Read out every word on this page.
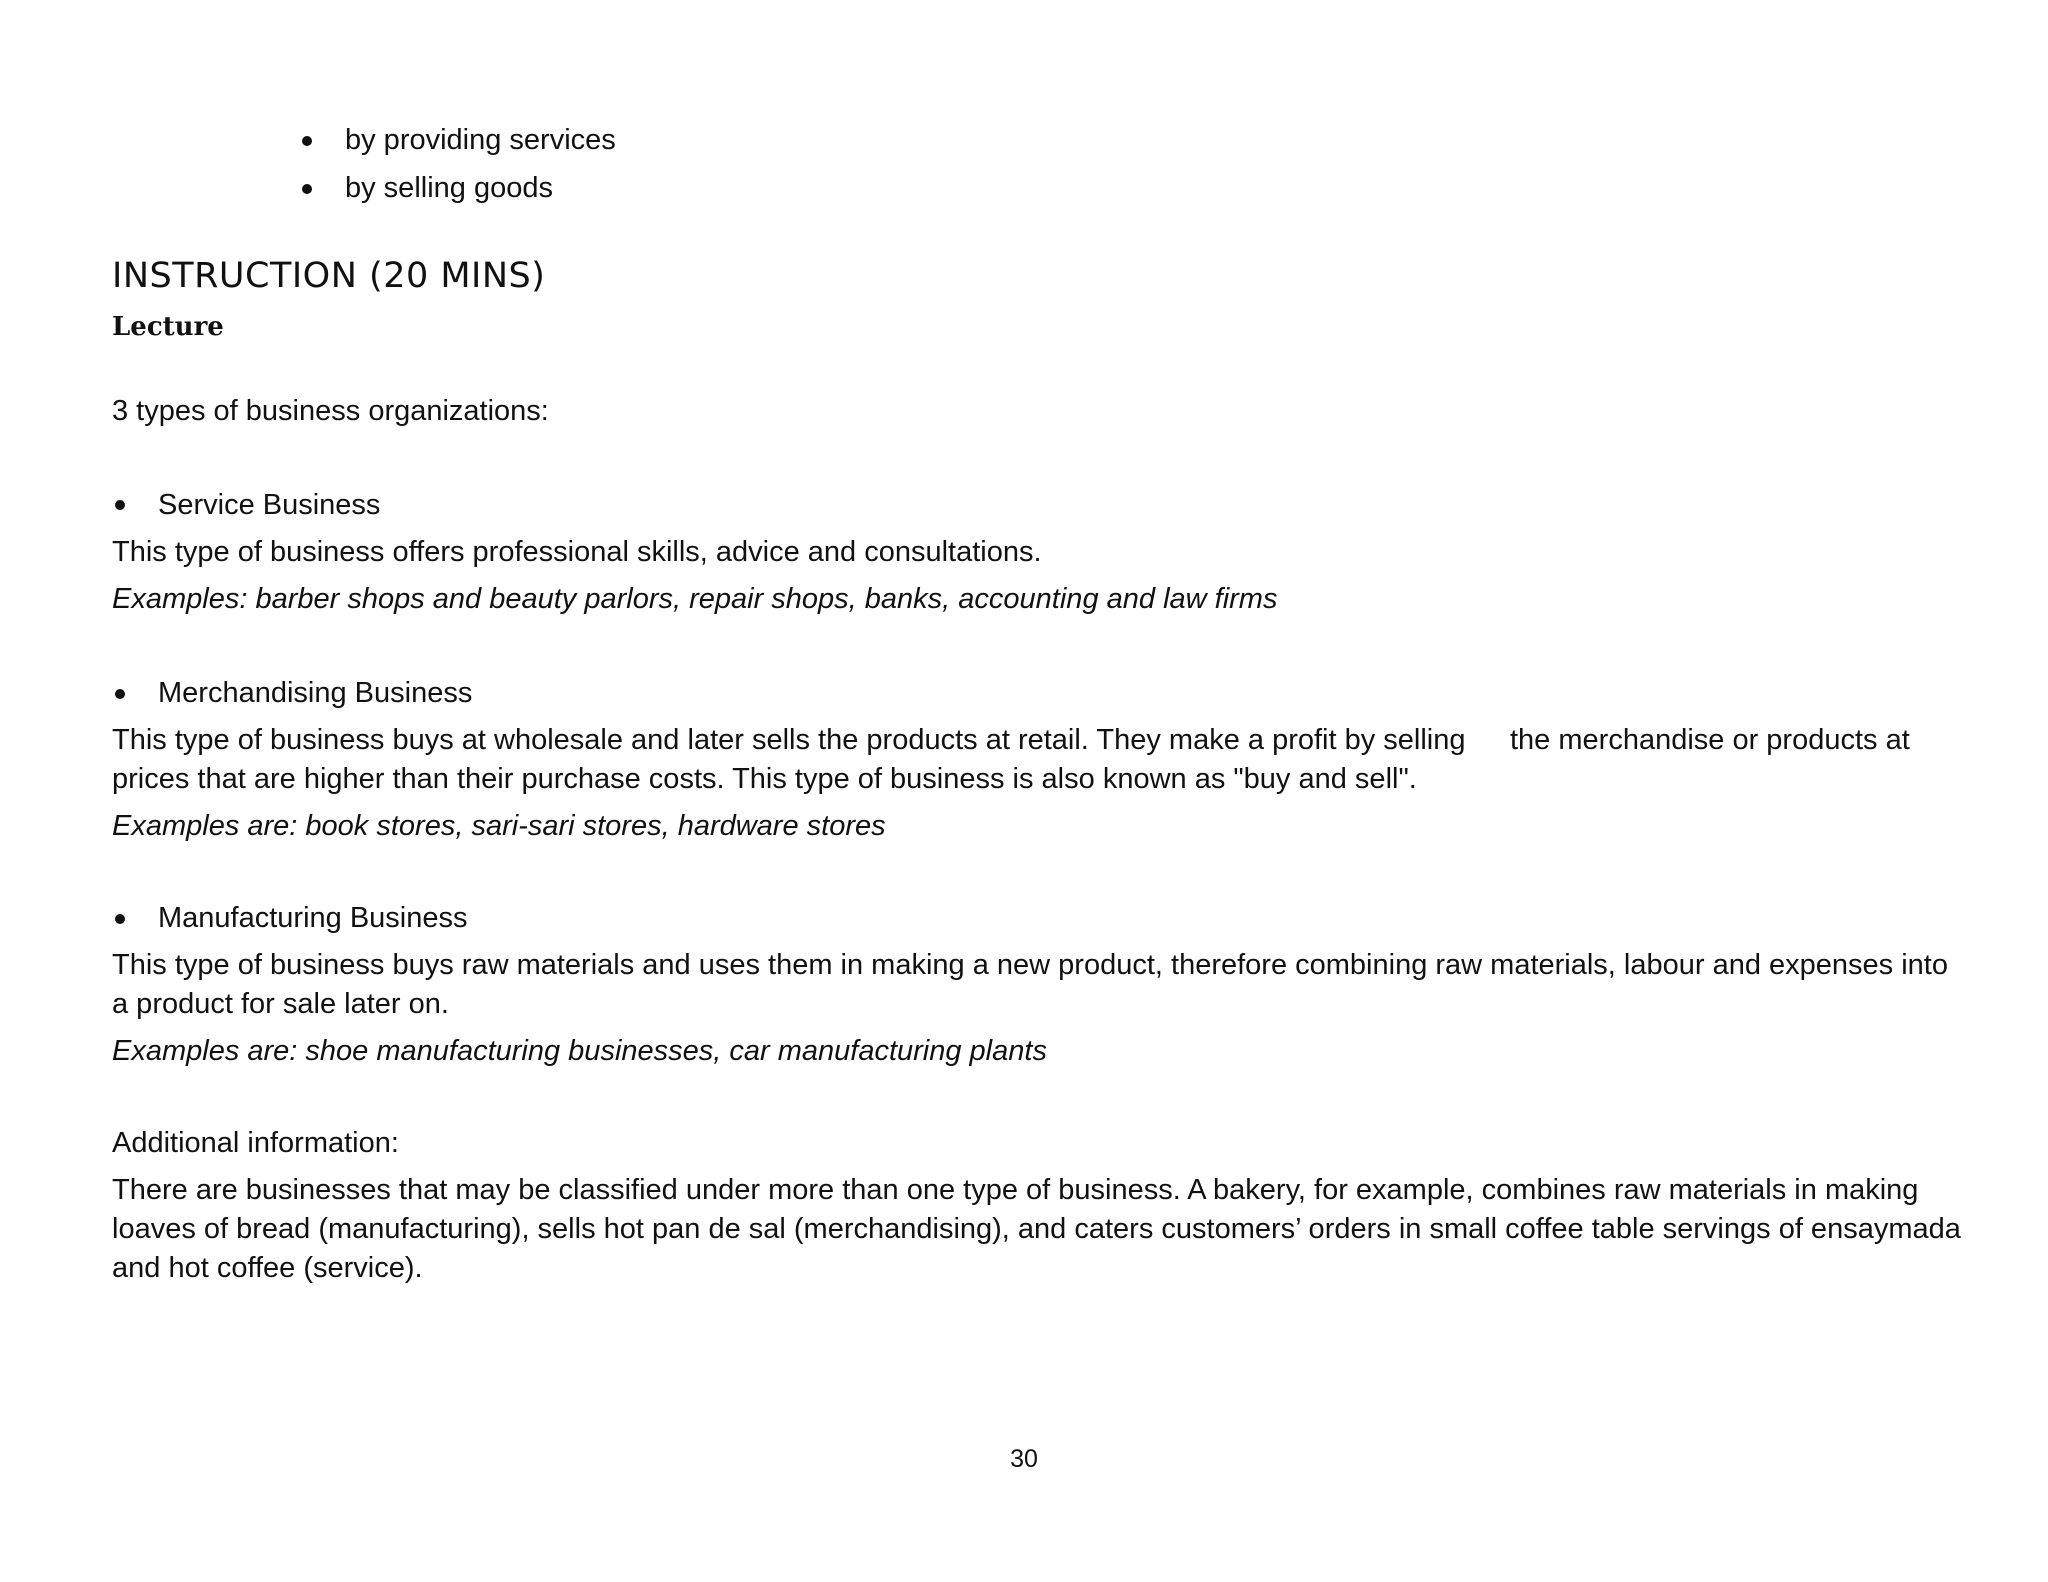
by providing services
by selling goods
INSTRUCTION (20 MINS)
Lecture
3 types of business organizations:
Service Business
This type of business offers professional skills, advice and consultations.
Examples: barber shops and beauty parlors, repair shops, banks, accounting and law firms
Merchandising Business
This type of business buys at wholesale and later sells the products at retail. They make a profit by selling the merchandise or products at
prices that are higher than their purchase costs. This type of business is also known as "buy and sell".
Examples are: book stores, sari-sari stores, hardware stores
Manufacturing Business
This type of business buys raw materials and uses them in making a new product, therefore combining raw materials, labour and expenses into
a product for sale later on.
Examples are: shoe manufacturing businesses, car manufacturing plants
Additional information:
There are businesses that may be classified under more than one type of business. A bakery, for example, combines raw materials in making
loaves of bread (manufacturing), sells hot pan de sal (merchandising), and caters customers’ orders in small coffee table servings of ensaymada
and hot coffee (service).
30
